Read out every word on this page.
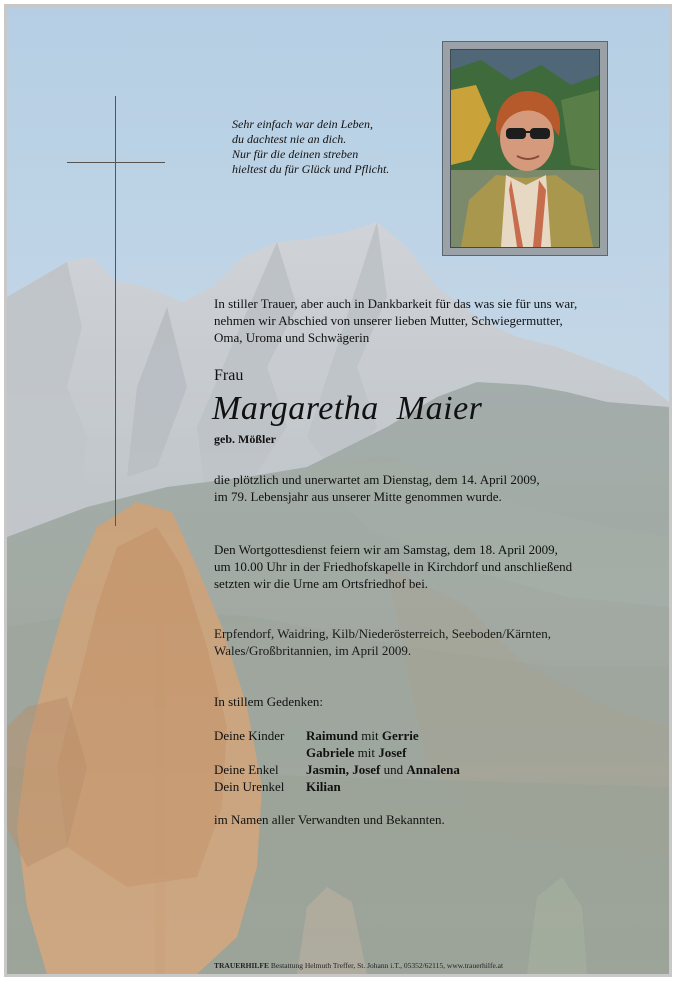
Sehr einfach war dein Leben,
du dachtest nie an dich.
Nur für die deinen streben
hieltest du für Glück und Pflicht.
In stiller Trauer, aber auch in Dankbarkeit für das was sie für uns war,
nehmen wir Abschied von unserer lieben Mutter, Schwiegermutter,
Oma, Uroma und Schwägerin
Frau
Margaretha  Maier
geb. Mößler
die plötzlich und unerwartet am Dienstag, dem 14. April 2009,
im 79. Lebensjahr aus unserer Mitte genommen wurde.
Den Wortgottesdienst feiern wir am Samstag, dem 18. April 2009,
um 10.00 Uhr in der Friedhofskapelle in Kirchdorf und anschließend
setzten wir die Urne am Ortsfriedhof bei.
Erpfendorf, Waidring, Kilb/Niederösterreich, Seeboden/Kärnten,
Wales/Großbritannien, im April 2009.
In stillem Gedenken:
Deine Kinder Raimund mit Gerrie
Gabriele mit Josef
Deine Enkel Jasmin, Josef und Annalena
Dein Urenkel Kilian
im Namen aller Verwandten und Bekannten.
TRAUERHILFE Bestattung Helmuth Treffer, St. Johann i.T., 05352/62115, www.trauerhilfe.at
